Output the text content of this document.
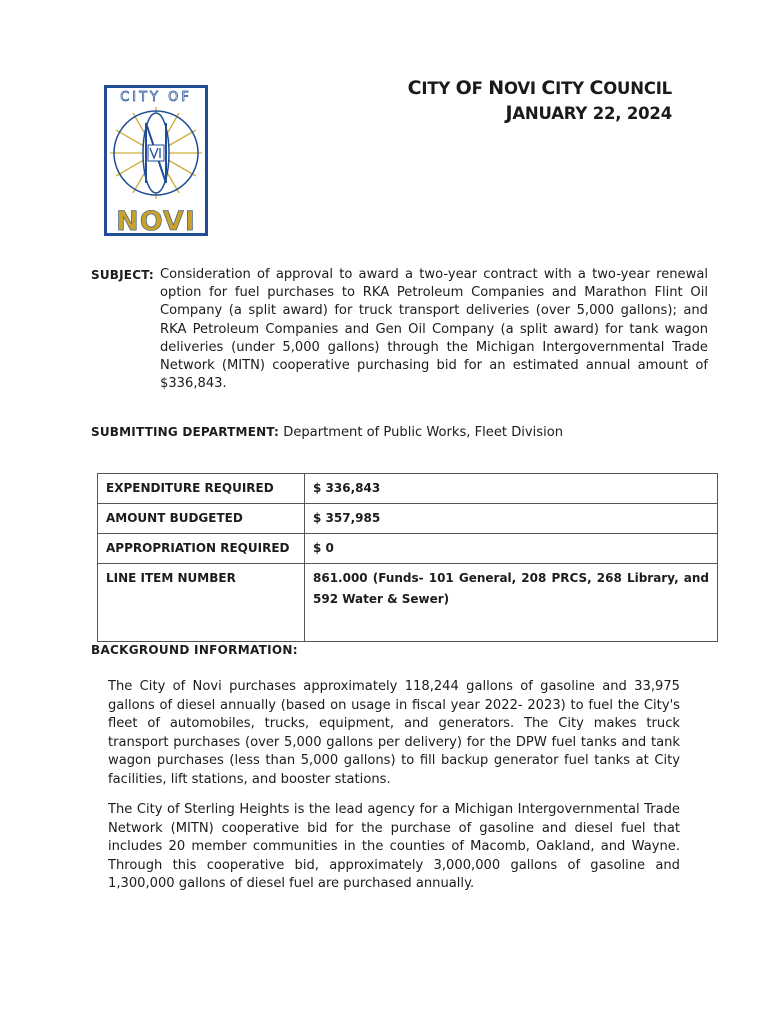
CITY OF
NOVI
CITY OF NOVI CITY COUNCIL
JANUARY 22, 2024
SUBJECT: Consideration of approval to award a two-year contract with a two-year renewal option for fuel purchases to RKA Petroleum Companies and Marathon Flint Oil Company (a split award) for truck transport deliveries (over 5,000 gallons); and RKA Petroleum Companies and Gen Oil Company (a split award) for tank wagon deliveries (under 5,000 gallons) through the Michigan Intergovernmental Trade Network (MITN) cooperative purchasing bid for an estimated annual amount of $336,843.
SUBMITTING DEPARTMENT: Department of Public Works, Fleet Division
EXPENDITURE REQUIRED	$ 336,843
AMOUNT BUDGETED	$ 357,985
APPROPRIATION REQUIRED	$ 0
LINE ITEM NUMBER	861.000 (Funds- 101 General, 208 PRCS, 268 Library, and 592 Water & Sewer)
BACKGROUND INFORMATION:
The City of Novi purchases approximately 118,244 gallons of gasoline and 33,975 gallons of diesel annually (based on usage in fiscal year 2022- 2023) to fuel the City's fleet of automobiles, trucks, equipment, and generators. The City makes truck transport purchases (over 5,000 gallons per delivery) for the DPW fuel tanks and tank wagon purchases (less than 5,000 gallons) to fill backup generator fuel tanks at City facilities, lift stations, and booster stations.
The City of Sterling Heights is the lead agency for a Michigan Intergovernmental Trade Network (MITN) cooperative bid for the purchase of gasoline and diesel fuel that includes 20 member communities in the counties of Macomb, Oakland, and Wayne. Through this cooperative bid, approximately 3,000,000 gallons of gasoline and 1,300,000 gallons of diesel fuel are purchased annually.
